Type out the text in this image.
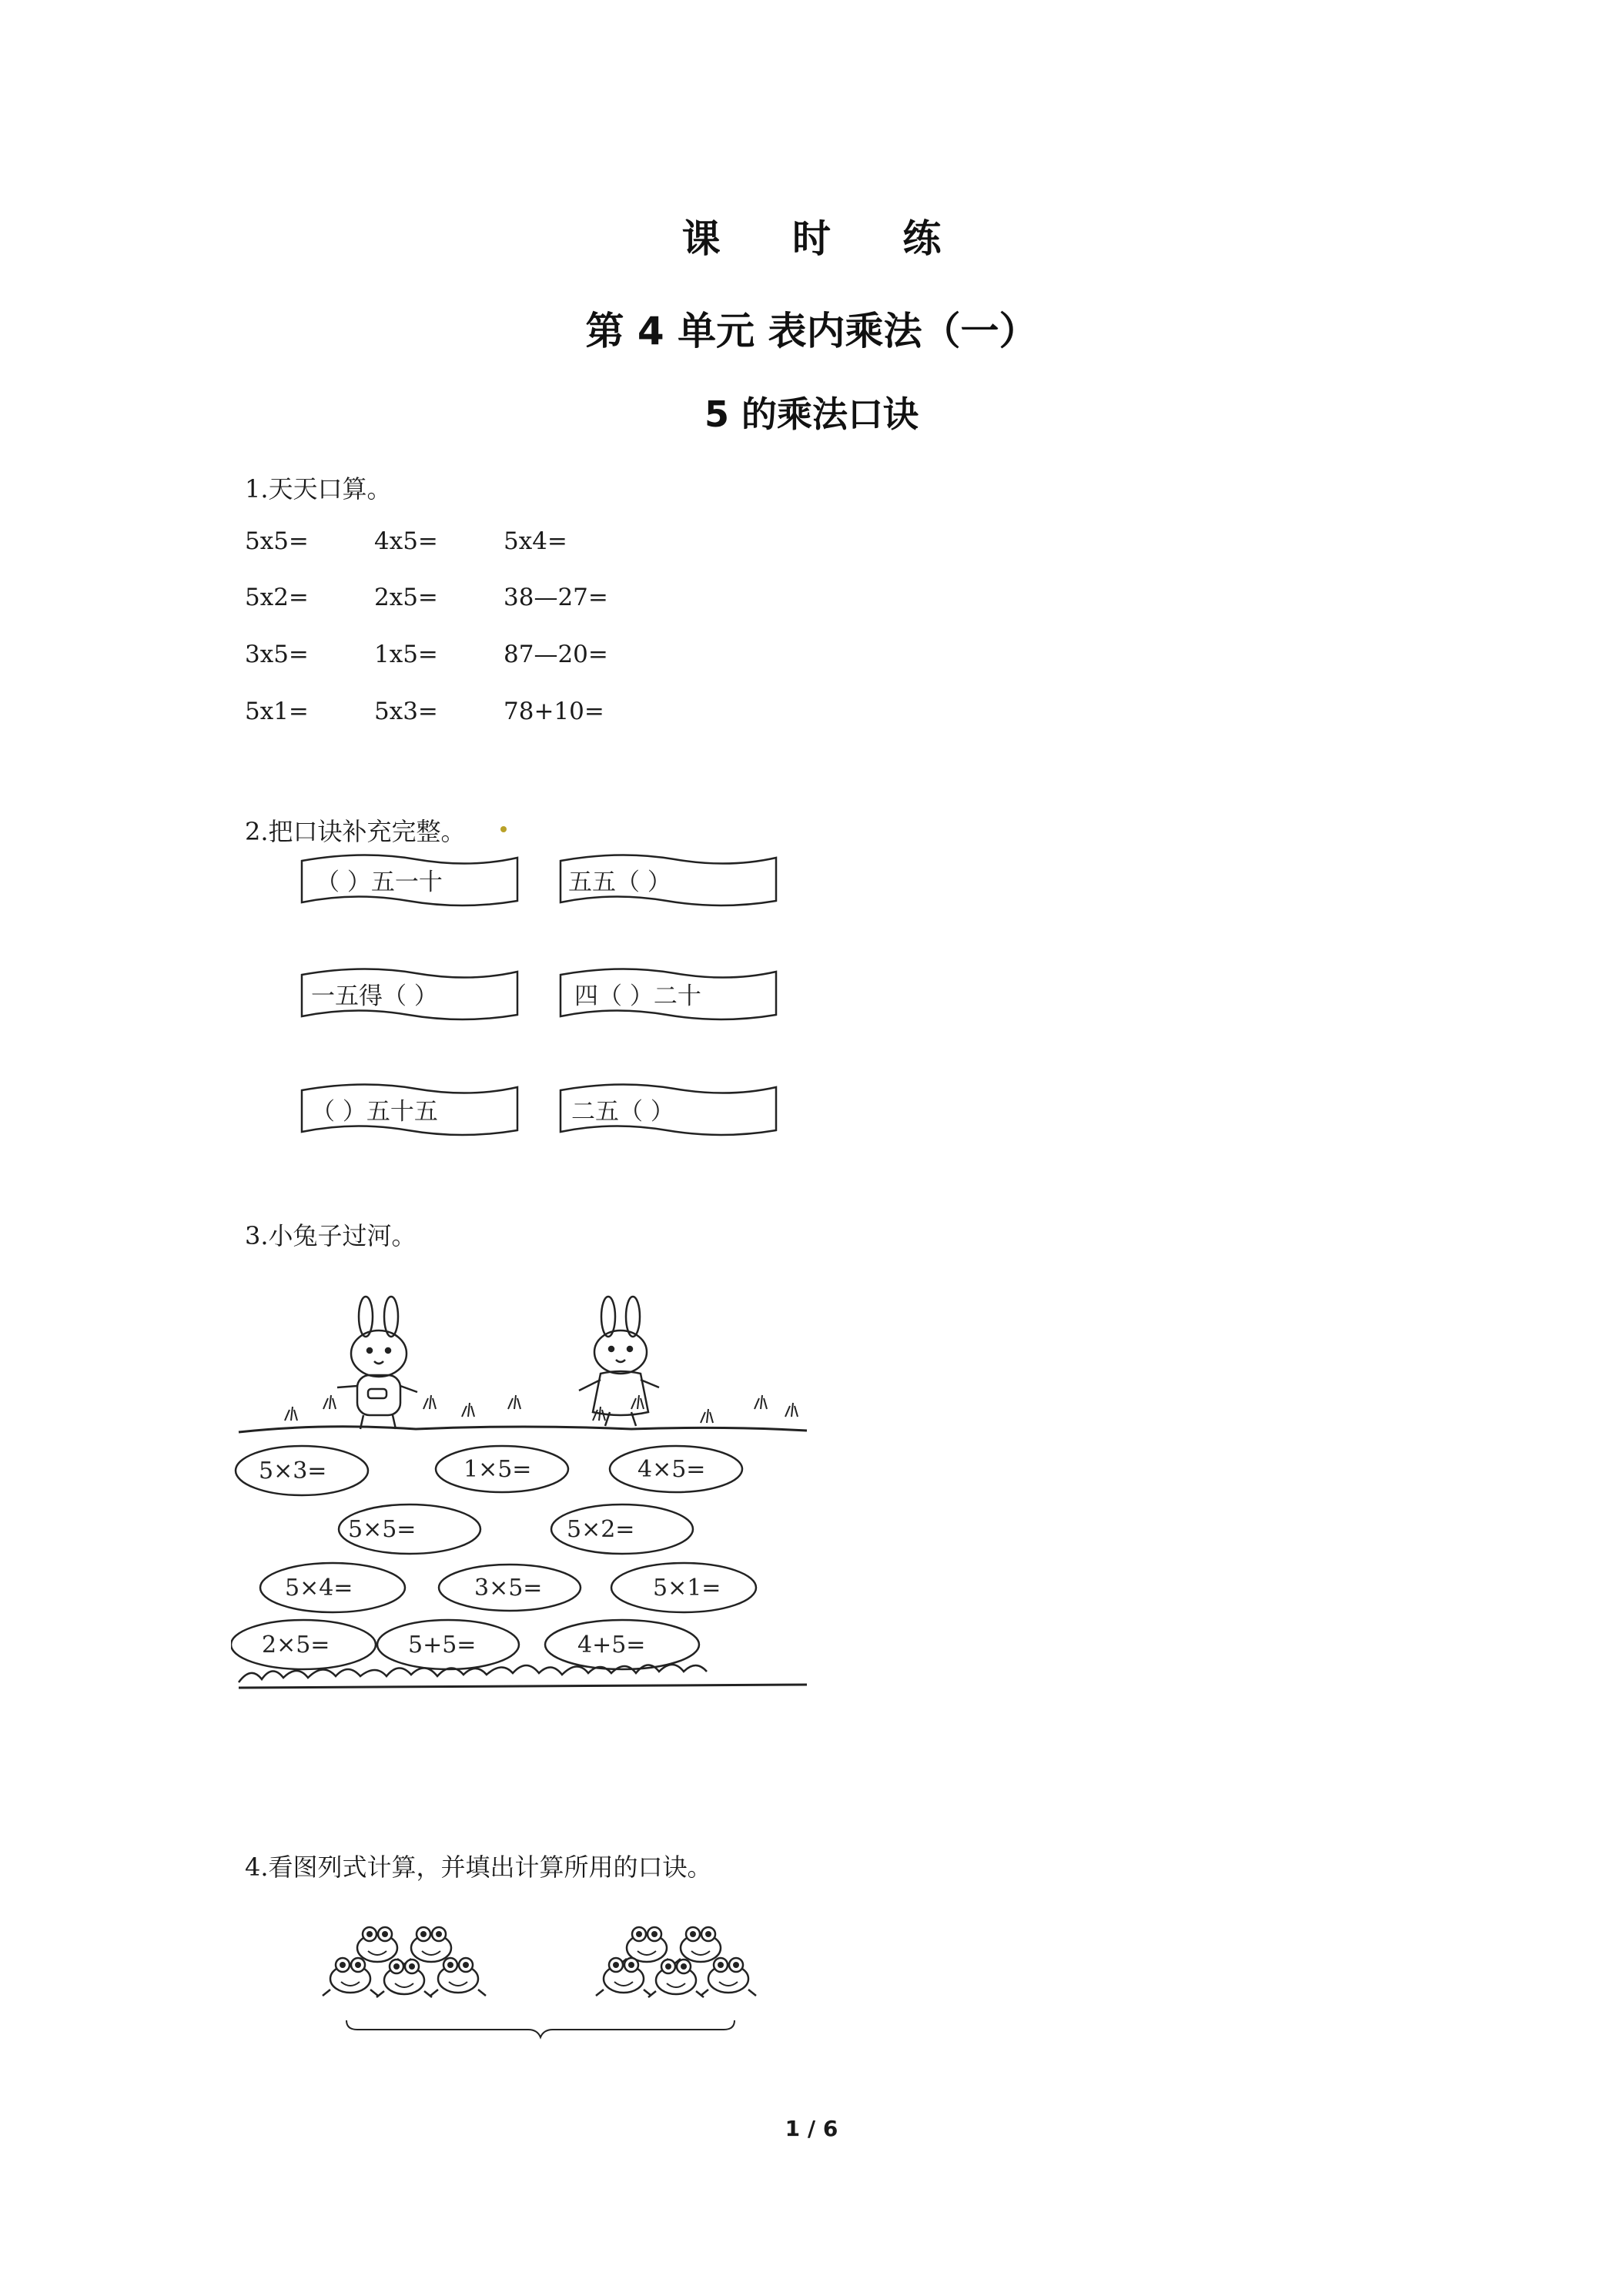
课 时 练
第 4 单元 表内乘法（一）
5 的乘法口诀
1.天天口算。
5x5=	4x5=	5x4=
5x2=	2x5=	38—27=
3x5=	1x5=	87—20=
5x1=	5x3=	78+10=
2.把口诀补充完整。
（ ）五一十	五五（ ）
一五得（ ）	四（ ）二十
（ ）五十五	二五（ ）
3.小兔子过河。
5×3=	1×5=	4×5=
5×5=	5×2=
5×4=	3×5=	5×1=
2×5=	5+5=	4+5=
4.看图列式计算，并填出计算所用的口诀。
1 / 6
